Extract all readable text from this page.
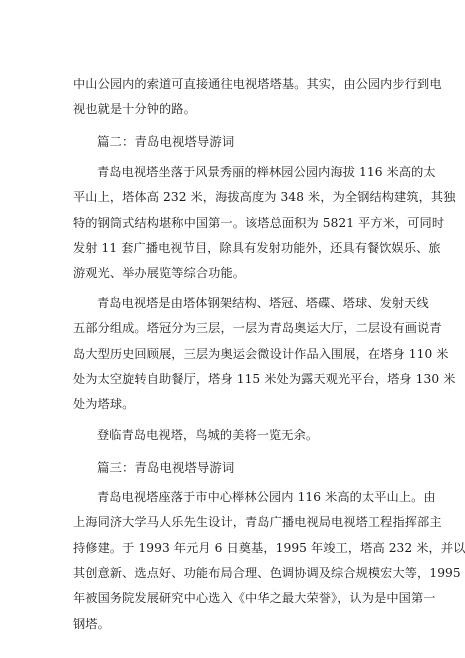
中山公园内的索道可直接通往电视塔塔基。其实，由公园内步行到电
视也就是十分钟的路。
篇二：青岛电视塔导游词
青岛电视塔坐落于风景秀丽的榉林园公园内海拔 116 米高的太
平山上，塔体高 232 米，海拔高度为 348 米，为全钢结构建筑，其独
特的钢筒式结构堪称中国第一。该塔总面积为 5821 平方米，可同时
发射 11 套广播电视节目，除具有发射功能外，还具有餐饮娱乐、旅
游观光、举办展览等综合功能。
青岛电视塔是由塔体钢架结构、塔冠、塔碟、塔球、发射天线
五部分组成。塔冠分为三层，一层为青岛奥运大厅，二层设有画说青
岛大型历史回顾展，三层为奥运会微设计作品入围展，在塔身 110 米
处为太空旋转自助餐厅，塔身 115 米处为露天观光平台，塔身 130 米
处为塔球。
登临青岛电视塔，鸟城的美将一览无余。
篇三：青岛电视塔导游词
青岛电视塔座落于市中心榉林公园内 116 米高的太平山上。由
上海同济大学马人乐先生设计，青岛广播电视局电视塔工程指挥部主
持修建。于 1993 年元月 6 日奠基，1995 年竣工，塔高 232 米，并以
其创意新、选点好、功能布局合理、色调协调及综合规模宏大等，1995
年被国务院发展研究中心选入《中华之最大荣誉》，认为是中国第一
钢塔。
